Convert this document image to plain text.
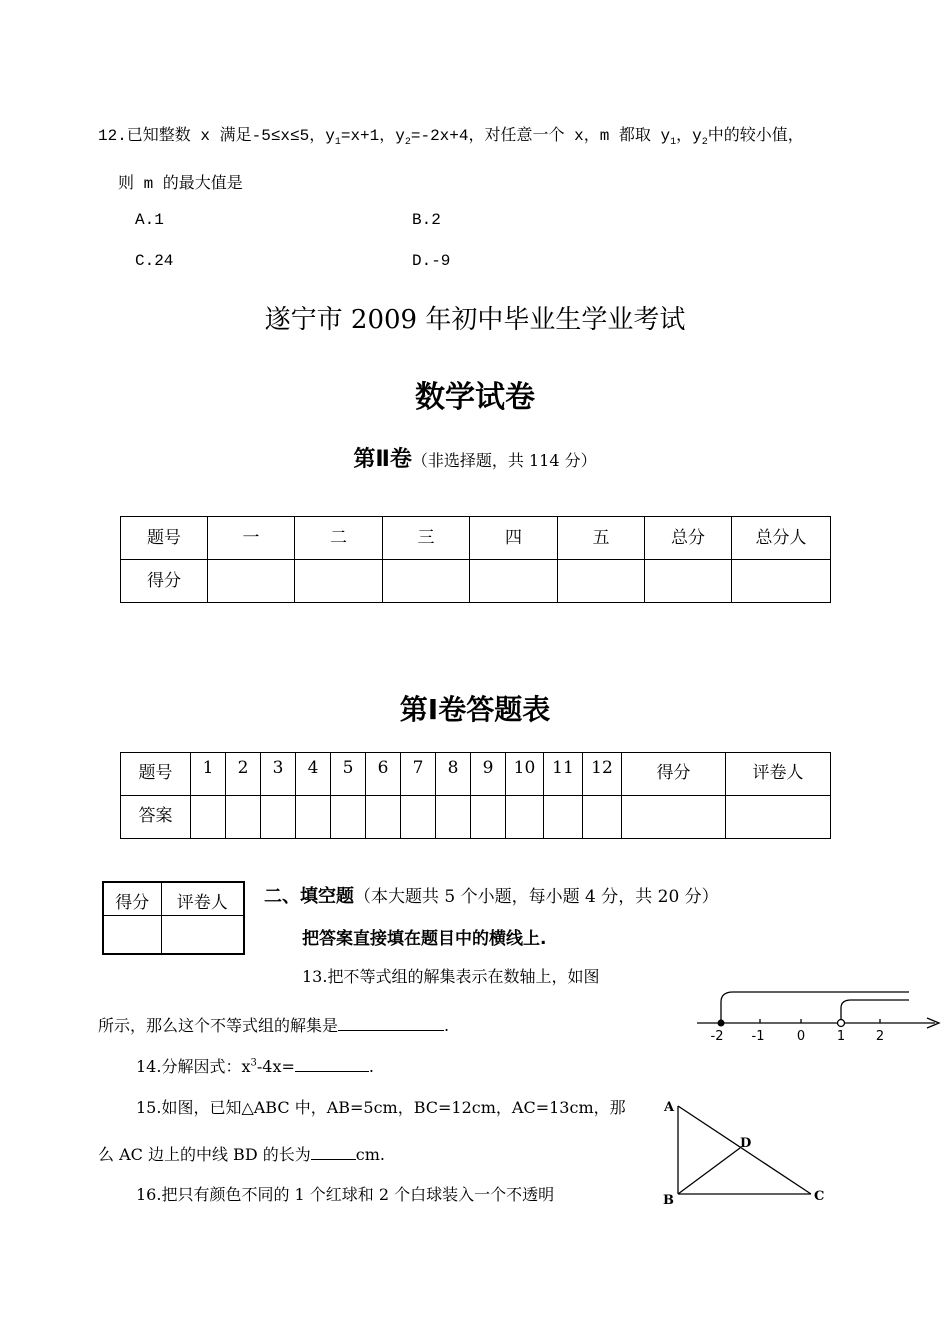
12.已知整数 x 满足-5≤x≤5，$y_1=x+1$，$y_2=-2x+4$，对任意一个 x，m 都取 $y_1$，$y_2$中的较小值，
则 m 的最大值是
A.1	B.2
C.24	D.-9
遂宁市 2009 年初中毕业生学业考试
数学试卷
第Ⅱ卷（非选择题，共 114 分）
题号	一	二	三	四	五	总分	总分人
得分							
第Ⅰ卷答题表
题号	1	2	3	4	5	6	7	8	9	10	11	12	得分	评卷人
答案														
得分	评卷人
	二、填空题（本大题共 5 个小题，每小题 4 分，共 20 分）
把答案直接填在题目中的横线上.
13.把不等式组的解集表示在数轴上，如图
所示，那么这个不等式组的解集是	.
-2 -1 0 1 2
14.分解因式：$x^3-4x=$	.
15.如图，已知△ABC 中，AB=5cm，BC=12cm，AC=13cm，那
么 AC 边上的中线 BD 的长为	cm.
A
D
B	C
16.把只有颜色不同的 1 个红球和 2 个白球装入一个不透明
